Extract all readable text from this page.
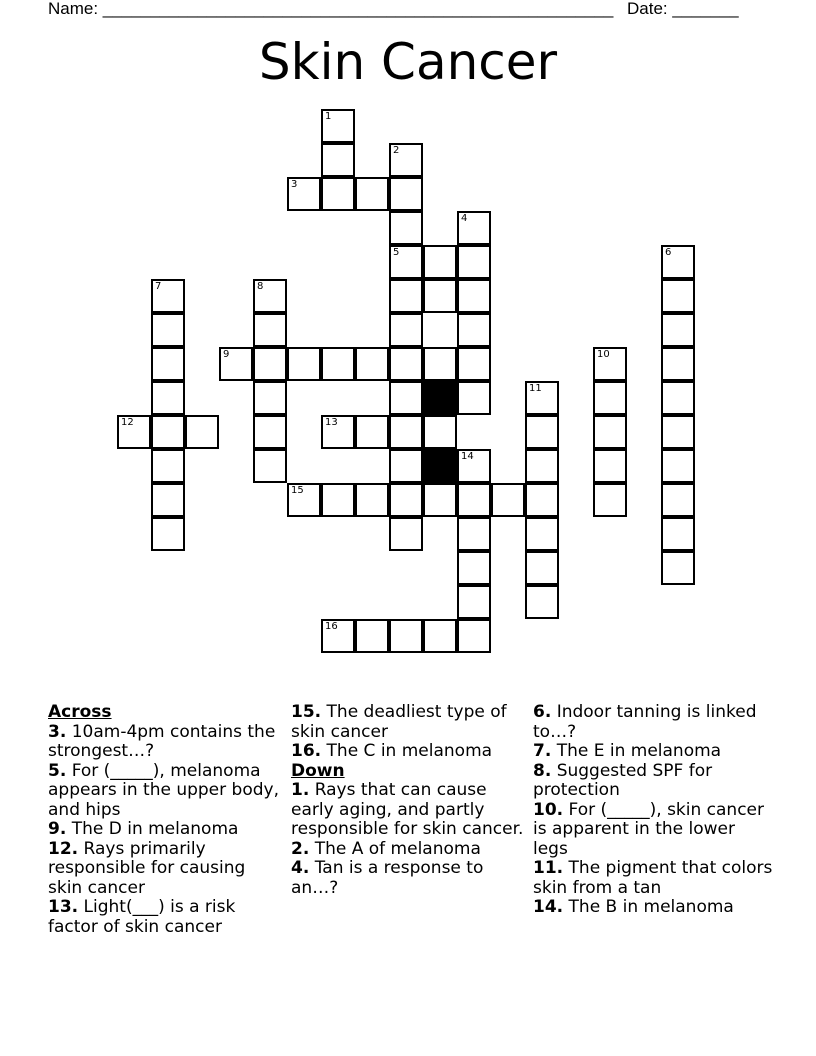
Name: ______________________________________________________ Date: _______
Skin Cancer
1
2
3
4
5	6
7	8
9	10
11
12	13
14
15
16
Across

3. 10am-4pm contains the strongest…?

5. For (_____), melanoma appears in the upper body, and hips

9. The D in melanoma

12. Rays primarily responsible for causing skin cancer

13. Light(___) is a risk factor of skin cancer

15. The deadliest type of skin cancer

16. The C in melanoma

Down

1. Rays that can cause early aging, and partly responsible for skin cancer.

2. The A of melanoma

4. Tan is a response to an…?

6. Indoor tanning is linked to…?

7. The E in melanoma

8. Suggested SPF for protection

10. For (_____), skin cancer is apparent in the lower legs

11. The pigment that colors skin from a tan

14. The B in melanoma
